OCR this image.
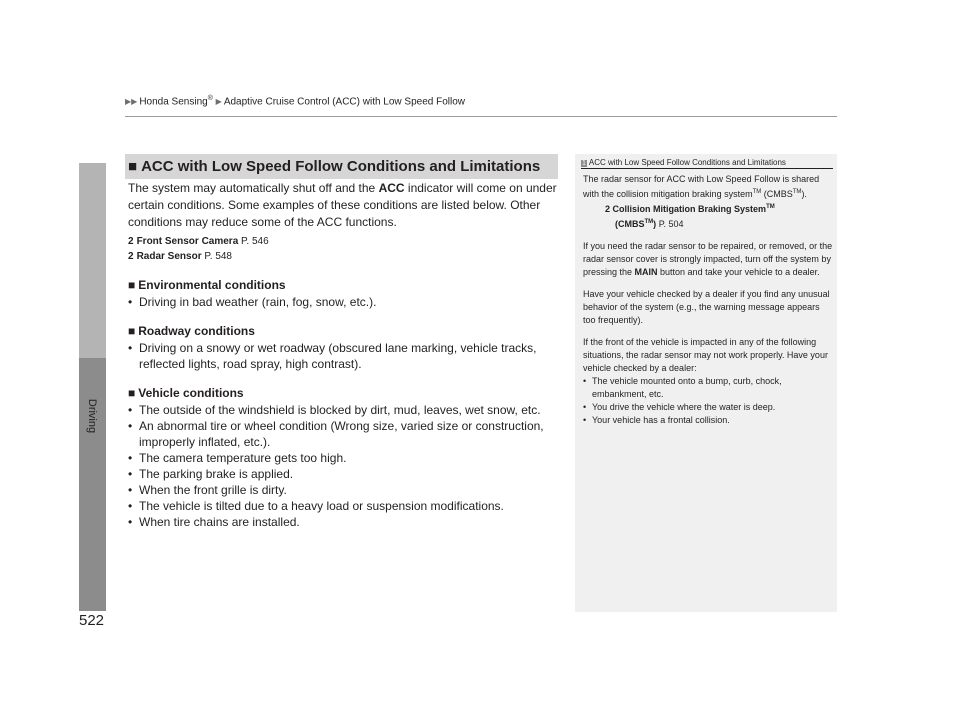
▶▶ Honda Sensing® ▶ Adaptive Cruise Control (ACC) with Low Speed Follow
Driving
522
■ ACC with Low Speed Follow Conditions and Limitations

The system may automatically shut off and the ACC indicator will come on under certain conditions. Some examples of these conditions are listed below. Other conditions may reduce some of the ACC functions.

2 Front Sensor Camera P. 546
2 Radar Sensor P. 548
■ Environmental conditions
• Driving in bad weather (rain, fog, snow, etc.).
■ Roadway conditions
• Driving on a snowy or wet roadway (obscured lane marking, vehicle tracks, reflected lights, road spray, high contrast).
■ Vehicle conditions
• The outside of the windshield is blocked by dirt, mud, leaves, wet snow, etc.
• An abnormal tire or wheel condition (Wrong size, varied size or construction, improperly inflated, etc.).
• The camera temperature gets too high.
• The parking brake is applied.
• When the front grille is dirty.
• The vehicle is tilted due to a heavy load or suspension modifications.
• When tire chains are installed.
1 ACC with Low Speed Follow Conditions and Limitations

The radar sensor for ACC with Low Speed Follow is shared with the collision mitigation braking system™ (CMBS™).
2 Collision Mitigation Braking System™
(CMBS™) P. 504

If you need the radar sensor to be repaired, or removed, or the radar sensor cover is strongly impacted, turn off the system by pressing the MAIN button and take your vehicle to a dealer.

Have your vehicle checked by a dealer if you find any unusual behavior of the system (e.g., the warning message appears too frequently).

If the front of the vehicle is impacted in any of the following situations, the radar sensor may not work properly. Have your vehicle checked by a dealer:

• The vehicle mounted onto a bump, curb, chock, embankment, etc.
• You drive the vehicle where the water is deep.
• Your vehicle has a frontal collision.
